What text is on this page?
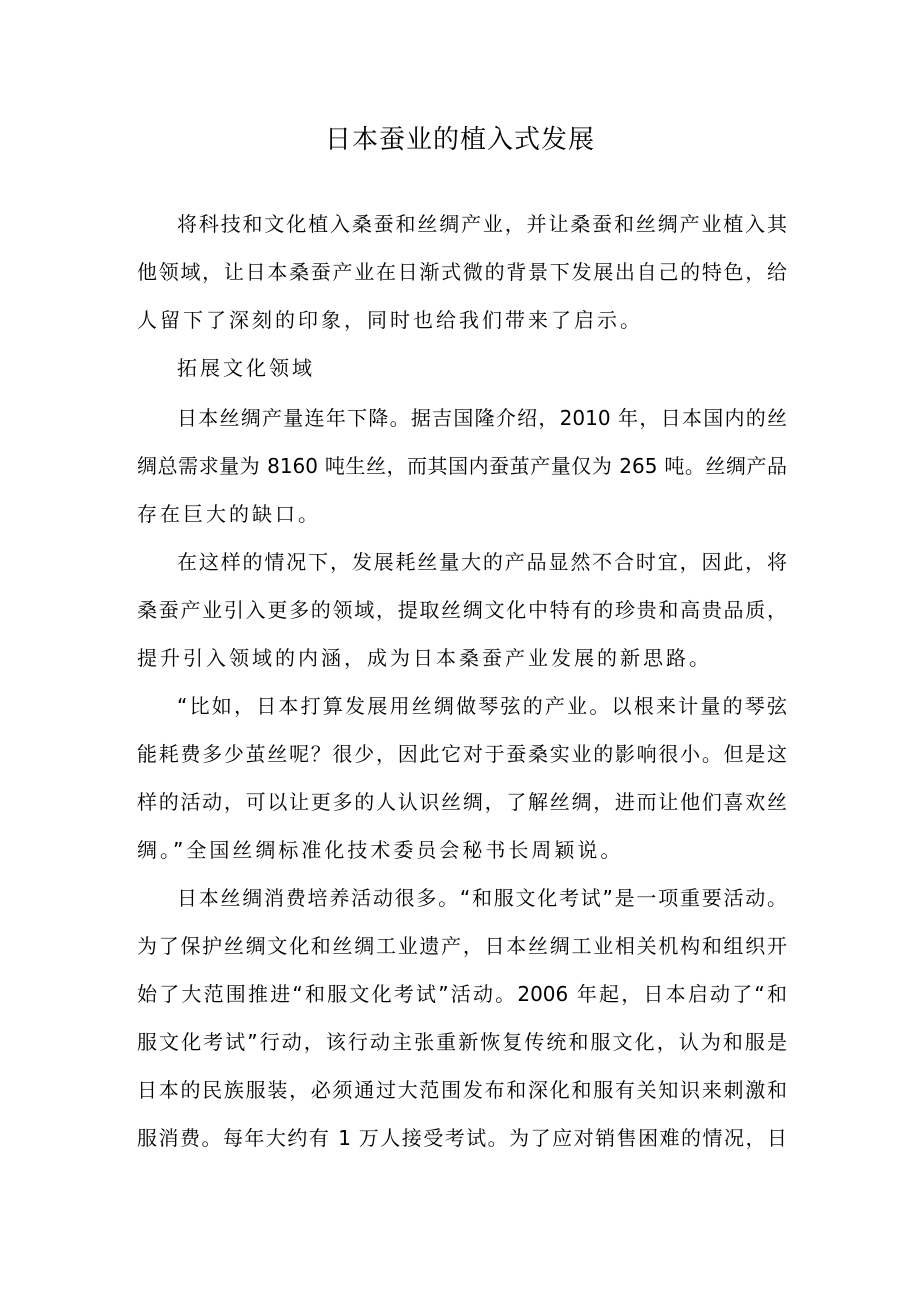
日本蚕业的植入式发展

将科技和文化植入桑蚕和丝绸产业，并让桑蚕和丝绸产业植入其

他领域，让日本桑蚕产业在日渐式微的背景下发展出自己的特色，给

人留下了深刻的印象，同时也给我们带来了启示。

拓展文化领域

日本丝绸产量连年下降。据吉国隆介绍，2010 年，日本国内的丝

绸总需求量为 8160 吨生丝，而其国内蚕茧产量仅为 265 吨。丝绸产品

存在巨大的缺口。

在这样的情况下，发展耗丝量大的产品显然不合时宜，因此，将

桑蚕产业引入更多的领域，提取丝绸文化中特有的珍贵和高贵品质，

提升引入领域的内涵，成为日本桑蚕产业发展的新思路。

“比如，日本打算发展用丝绸做琴弦的产业。以根来计量的琴弦

能耗费多少茧丝呢？很少，因此它对于蚕桑实业的影响很小。但是这

样的活动，可以让更多的人认识丝绸，了解丝绸，进而让他们喜欢丝

绸。”全国丝绸标准化技术委员会秘书长周颖说。

日本丝绸消费培养活动很多。“和服文化考试”是一项重要活动。

为了保护丝绸文化和丝绸工业遗产，日本丝绸工业相关机构和组织开

始了大范围推进“和服文化考试”活动。2006 年起，日本启动了“和

服文化考试”行动，该行动主张重新恢复传统和服文化，认为和服是

日本的民族服装，必须通过大范围发布和深化和服有关知识来刺激和

服消费。每年大约有 1 万人接受考试。为了应对销售困难的情况，日
